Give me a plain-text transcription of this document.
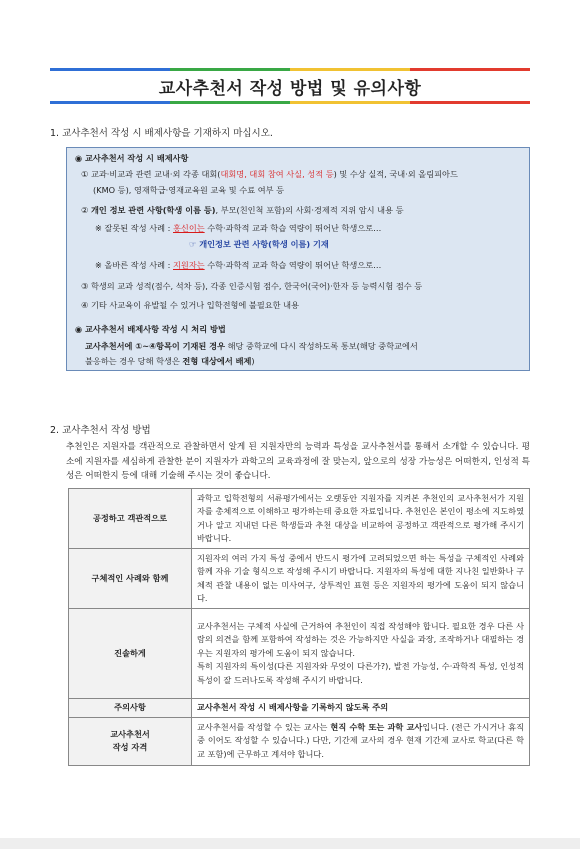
교사추천서 작성 방법 및 유의사항
1. 교사추천서 작성 시 배제사항을 기재하지 마십시오.
◉ 교사추천서 작성 시 배제사항
① 교과·비교과 관련 교내·외 각종 대회(대회명, 대회 참여 사실, 성적 등) 및 수상 실적, 국내·외 올림피아드
(KMO 등), 영재학급·영재교육원 교육 및 수료 여부 등
② 개인 정보 관련 사항(학생 이름 등), 부모(친인척 포함)의 사회·경제적 지위 암시 내용 등
※ 잘못된 작성 사례 : 홍신이는 수학·과학적 교과 학습 역량이 뛰어난 학생으로…
☞ 개인정보 관련 사항(학생 이름) 기재
※ 올바른 작성 사례 : 지원자는 수학·과학적 교과 학습 역량이 뛰어난 학생으로…
③ 학생의 교과 성적(점수, 석차 등), 각종 인증시험 점수, 한국어(국어)·한자 등 능력시험 점수 등
④ 기타 사교육이 유발될 수 있거나 입학전형에 불필요한 내용
◉ 교사추천서 배제사항 작성 시 처리 방법
교사추천서에 ①~④항목이 기재된 경우 해당 중학교에 다시 작성하도록 통보(해당 중학교에서
불응하는 경우 당해 학생은 전형 대상에서 배제)
2. 교사추천서 작성 방법
추천인은 지원자를 객관적으로 관찰하면서 알게 된 지원자만의 능력과 특성을 교사추천서를 통해서 소개할 수 있습니다. 평소에 지원자를 세심하게 관찰한 분이 지원자가 과학고의 교육과정에 잘 맞는지, 앞으로의 성장 가능성은 어떠한지, 인성적 특성은 어떠한지 등에 대해 기술해 주시는 것이 좋습니다.
공정하고 객관적으로	과학고 입학전형의 서류평가에서는 오랫동안 지원자를 지켜본 추천인의 교사추천서가 지원자를 총체적으로 이해하고 평가하는데 중요한 자료입니다. 추천인은 본인이 평소에 지도하였거나 알고 지내던 다른 학생들과 추천 대상을 비교하여 공정하고 객관적으로 평가해 주시기 바랍니다.
구체적인 사례와 함께	지원자의 여러 가지 특성 중에서 반드시 평가에 고려되었으면 하는 특성을 구체적인 사례와 함께 자유 기술 형식으로 작성해 주시기 바랍니다. 지원자의 특성에 대한 지나친 일반화나 구체적 관찰 내용이 없는 미사여구, 상투적인 표현 등은 지원자의 평가에 도움이 되지 않습니다.
진솔하게	교사추천서는 구체적 사실에 근거하여 추천인이 직접 작성해야 합니다. 필요한 경우 다른 사람의 의견을 함께 포함하여 작성하는 것은 가능하지만 사실을 과장, 조작하거나 대필하는 경우는 지원자의 평가에 도움이 되지 않습니다.
특히 지원자의 특이성(다른 지원자와 무엇이 다른가?), 발전 가능성, 수·과학적 특성, 인성적 특성이 잘 드러나도록 작성해 주시기 바랍니다.

주의사항	교사추천서 작성 시 배제사항을 기록하지 않도록 주의

교사추천서
작성 자격	교사추천서를 작성할 수 있는 교사는 현직 수학 또는 과학 교사입니다. (전근 가시거나 휴직 중 이어도 작성할 수 있습니다.) 다만, 기간제 교사의 경우 현재 기간제 교사로 학교(다른 학교 포함)에 근무하고 계셔야 합니다.
